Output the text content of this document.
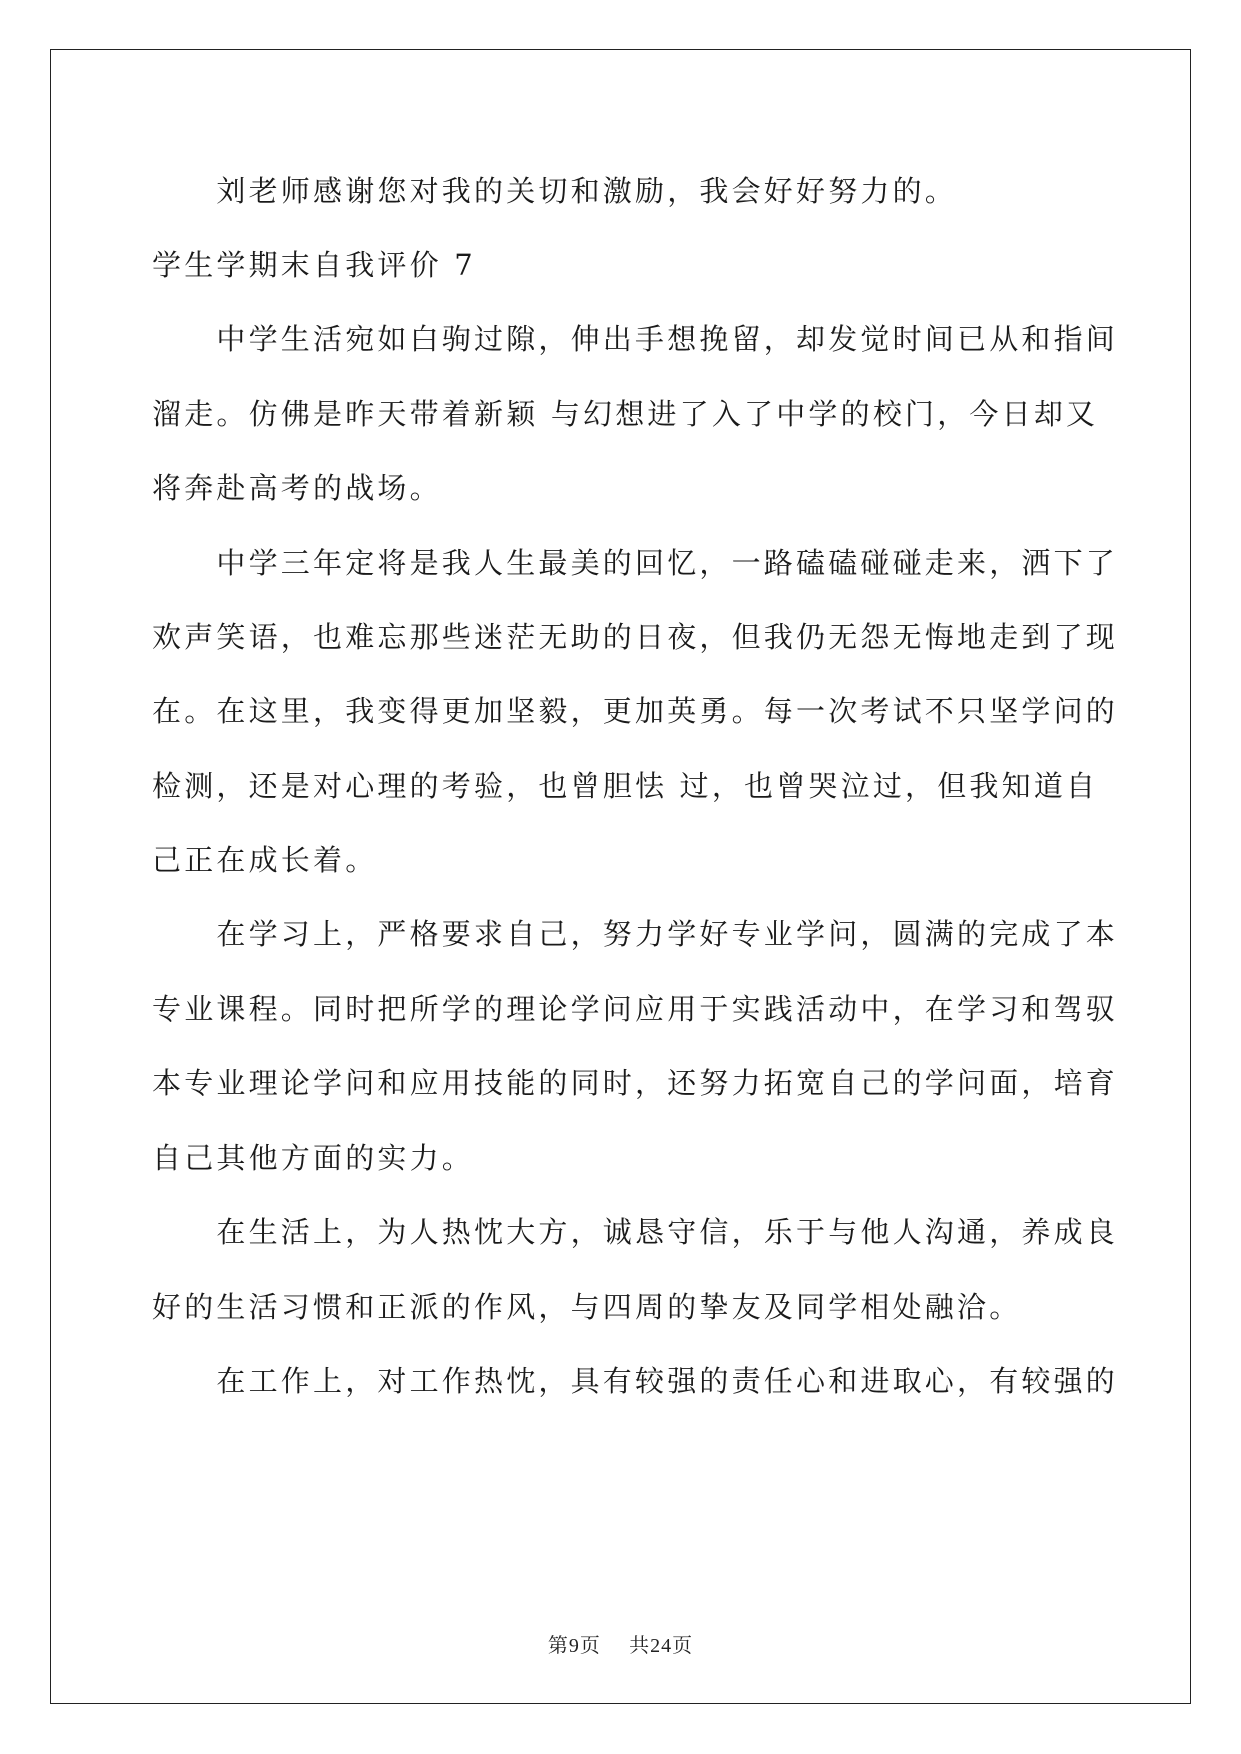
　　刘老师感谢您对我的关切和激励，我会好好努力的。

学生学期末自我评价 7

　　中学生活宛如白驹过隙，伸出手想挽留，却发觉时间已从和指间

溜走。仿佛是昨天带着新颖 与幻想进了入了中学的校门，今日却又

将奔赴高考的战场。

　　中学三年定将是我人生最美的回忆，一路磕磕碰碰走来，洒下了

欢声笑语，也难忘那些迷茫无助的日夜，但我仍无怨无悔地走到了现

在。在这里，我变得更加坚毅，更加英勇。每一次考试不只坚学问的

检测，还是对心理的考验，也曾胆怯 过，也曾哭泣过，但我知道自

己正在成长着。

　　在学习上，严格要求自己，努力学好专业学问，圆满的完成了本

专业课程。同时把所学的理论学问应用于实践活动中，在学习和驾驭

本专业理论学问和应用技能的同时，还努力拓宽自己的学问面，培育

自己其他方面的实力。

　　在生活上，为人热忱大方，诚恳守信，乐于与他人沟通，养成良

好的生活习惯和正派的作风，与四周的挚友及同学相处融洽。

　　在工作上，对工作热忱，具有较强的责任心和进取心，有较强的

第9页   共24页
